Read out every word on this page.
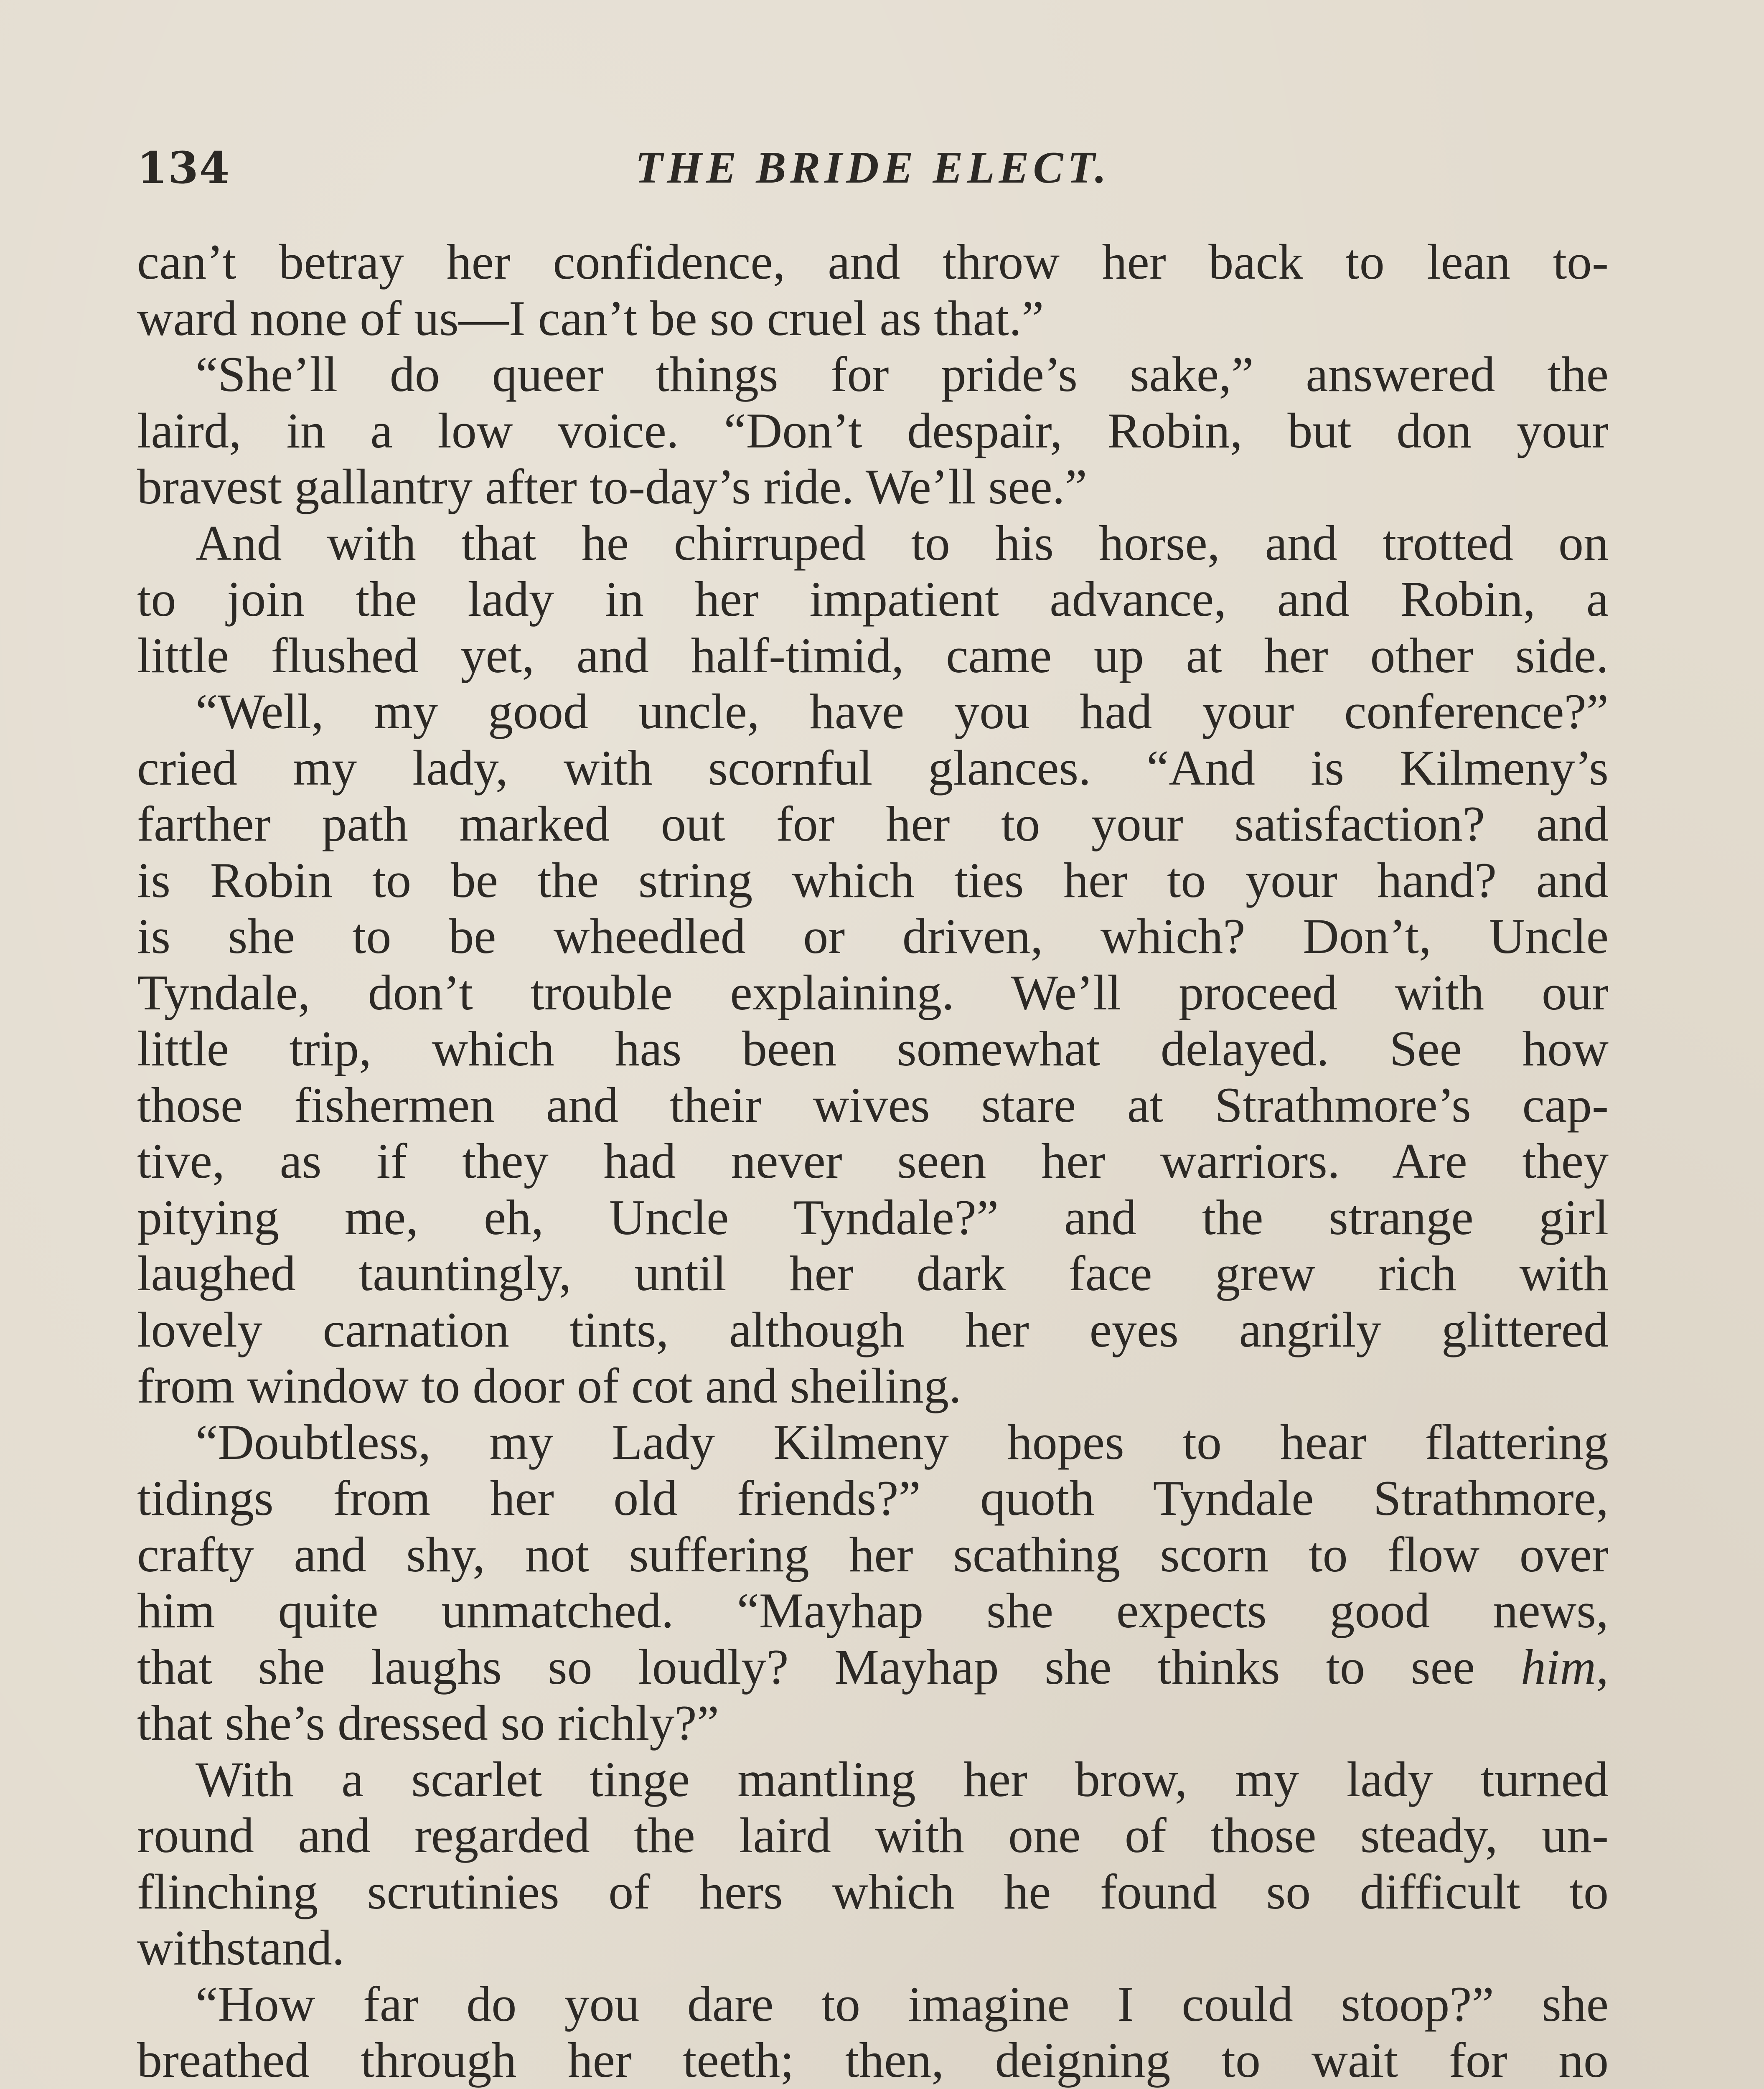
134	THE BRIDE ELECT.
can’t betray her confidence, and throw her back to lean to-
ward none of us—I can’t be so cruel as that.”
“She’ll do queer things for pride’s sake,” answered the
laird, in a low voice. “Don’t despair, Robin, but don your
bravest gallantry after to-day’s ride. We’ll see.”
And with that he chirruped to his horse, and trotted on
to join the lady in her impatient advance, and Robin, a
little flushed yet, and half-timid, came up at her other side.
“Well, my good uncle, have you had your conference?”
cried my lady, with scornful glances. “And is Kilmeny’s
farther path marked out for her to your satisfaction? and
is Robin to be the string which ties her to your hand? and
is she to be wheedled or driven, which? Don’t, Uncle
Tyndale, don’t trouble explaining. We’ll proceed with our
little trip, which has been somewhat delayed. See how
those fishermen and their wives stare at Strathmore’s cap-
tive, as if they had never seen her warriors. Are they
pitying me, eh, Uncle Tyndale?” and the strange girl
laughed tauntingly, until her dark face grew rich with
lovely carnation tints, although her eyes angrily glittered
from window to door of cot and sheiling.
“Doubtless, my Lady Kilmeny hopes to hear flattering
tidings from her old friends?” quoth Tyndale Strathmore,
crafty and shy, not suffering her scathing scorn to flow over
him quite unmatched. “Mayhap she expects good news,
that she laughs so loudly? Mayhap she thinks to see him,
that she’s dressed so richly?”
With a scarlet tinge mantling her brow, my lady turned
round and regarded the laird with one of those steady, un-
flinching scrutinies of hers which he found so difficult to
withstand.
“How far do you dare to imagine I could stoop?” she
breathed through her teeth; then, deigning to wait for no
